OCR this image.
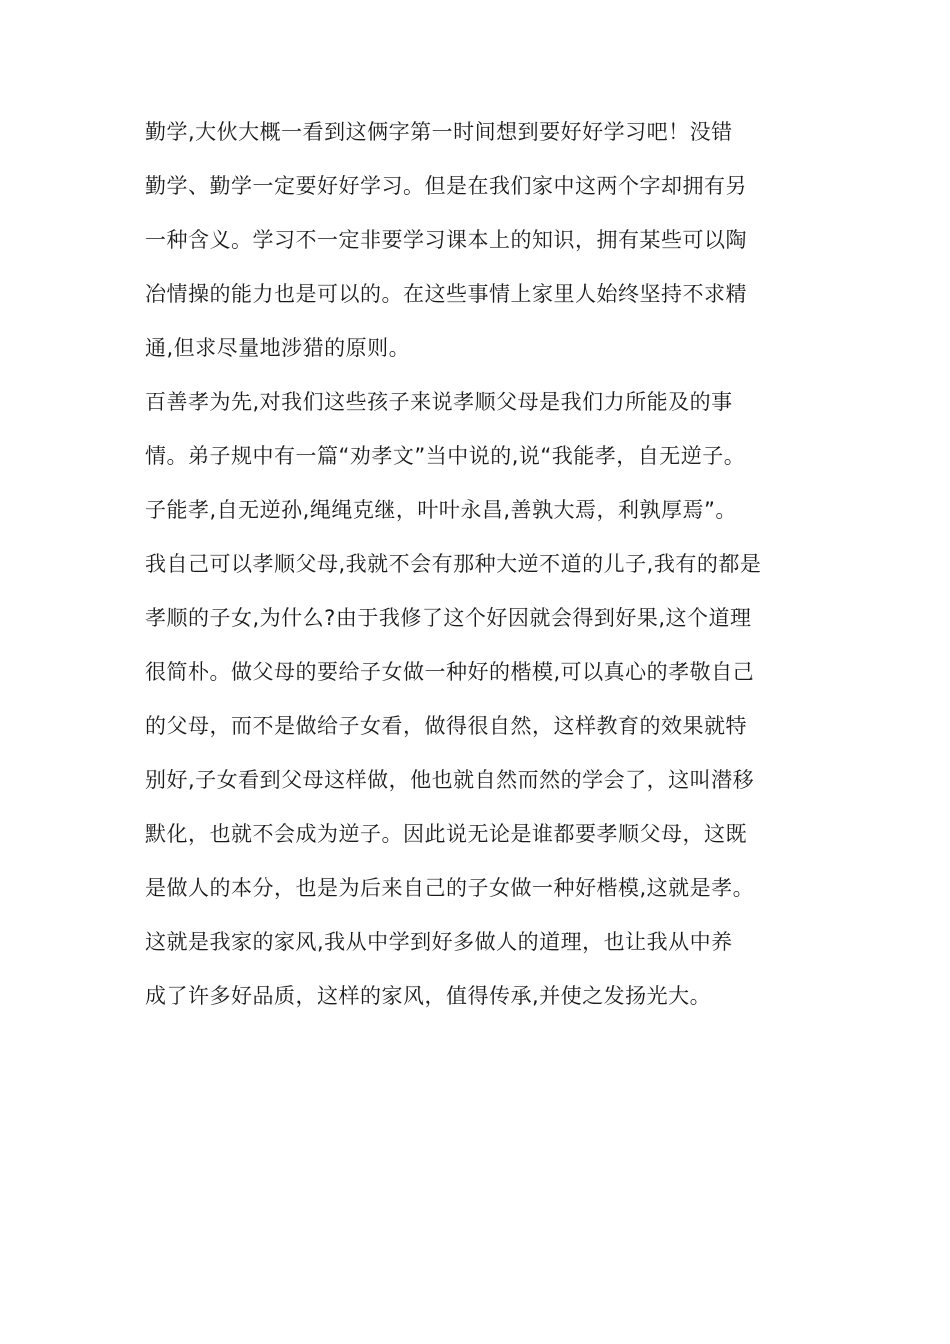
勤学,大伙大概一看到这俩字第一时间想到要好好学习吧！没错
勤学、勤学一定要好好学习。但是在我们家中这两个字却拥有另
一种含义。学习不一定非要学习课本上的知识，拥有某些可以陶
冶情操的能力也是可以的。在这些事情上家里人始终坚持不求精
通,但求尽量地涉猎的原则。
百善孝为先,对我们这些孩子来说孝顺父母是我们力所能及的事
情。弟子规中有一篇“劝孝文”当中说的,说“我能孝，自无逆子。
子能孝,自无逆孙,绳绳克继，叶叶永昌,善孰大焉，利孰厚焉”。
我自己可以孝顺父母,我就不会有那种大逆不道的儿子,我有的都是
孝顺的子女,为什么?由于我修了这个好因就会得到好果,这个道理
很简朴。做父母的要给子女做一种好的楷模,可以真心的孝敬自己
的父母，而不是做给子女看，做得很自然，这样教育的效果就特
别好,子女看到父母这样做，他也就自然而然的学会了，这叫潜移
默化，也就不会成为逆子。因此说无论是谁都要孝顺父母，这既
是做人的本分，也是为后来自己的子女做一种好楷模,这就是孝。
这就是我家的家风,我从中学到好多做人的道理，也让我从中养
成了许多好品质，这样的家风，值得传承,并使之发扬光大。
